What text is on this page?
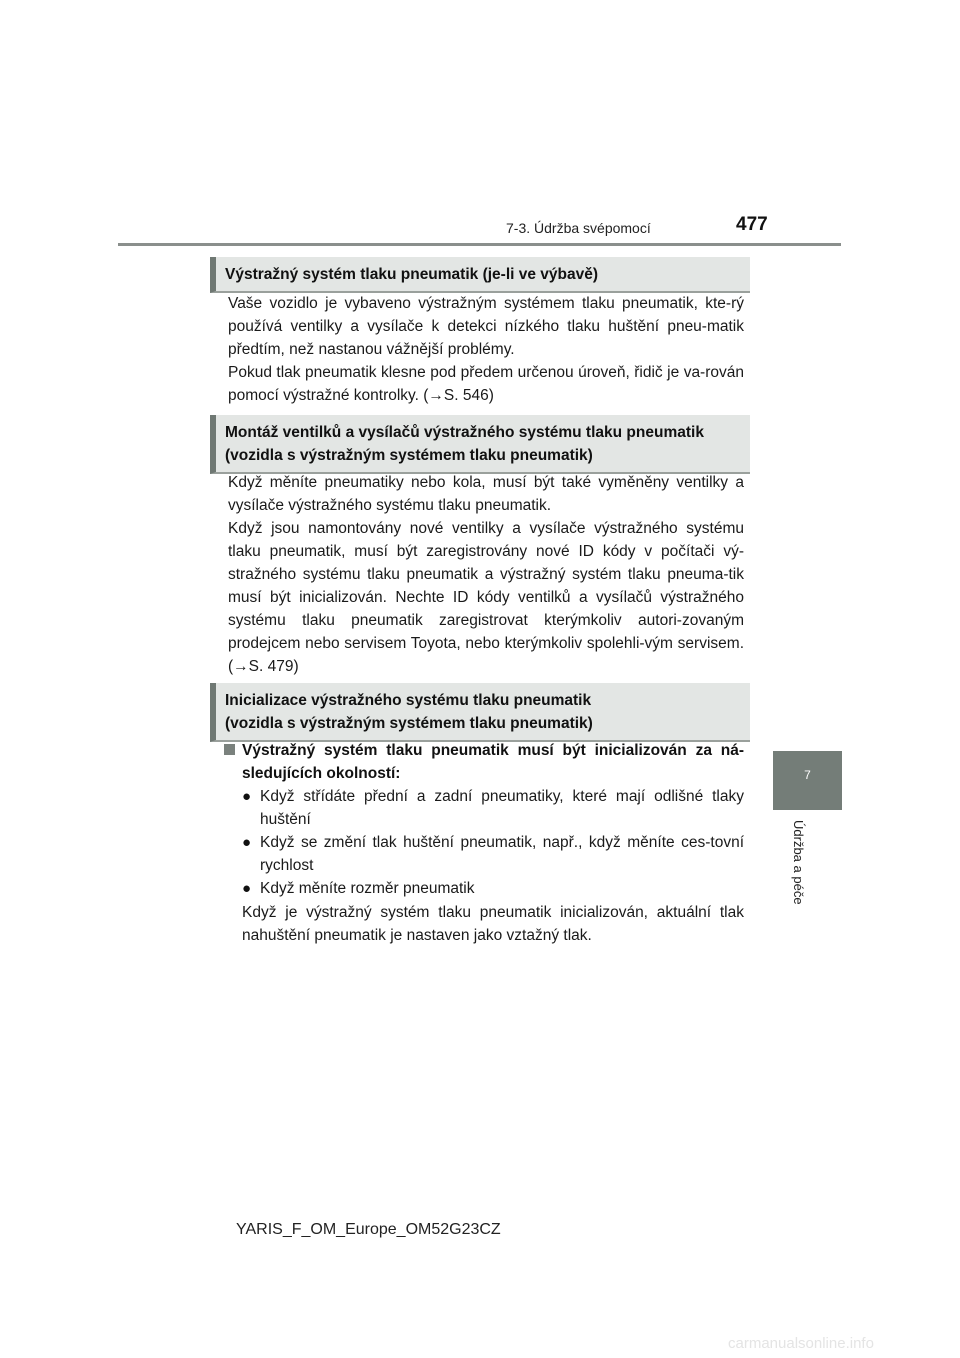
7-3. Údržba svépomocí	477
7
Údržba a péče
Výstražný systém tlaku pneumatik (je-li ve výbavě)

Vaše vozidlo je vybaveno výstražným systémem tlaku pneumatik, kte-rý používá ventilky a vysílače k detekci nízkého tlaku huštění pneu-matik předtím, než nastanou vážnější problémy.

Pokud tlak pneumatik klesne pod předem určenou úroveň, řidič je va-rován pomocí výstražné kontrolky. (→S. 546)

Montáž ventilků a vysílačů výstražného systému tlaku pneumatik
(vozidla s výstražným systémem tlaku pneumatik)

Když měníte pneumatiky nebo kola, musí být také vyměněny ventilky a vysílače výstražného systému tlaku pneumatik.

Když jsou namontovány nové ventilky a vysílače výstražného systému tlaku pneumatik, musí být zaregistrovány nové ID kódy v počítači vý-stražného systému tlaku pneumatik a výstražný systém tlaku pneuma-tik musí být inicializován. Nechte ID kódy ventilků a vysílačů výstražného systému tlaku pneumatik zaregistrovat kterýmkoliv autori-zovaným prodejcem nebo servisem Toyota, nebo kterýmkoliv spolehli-vým servisem. (→S. 479)

Inicializace výstražného systému tlaku pneumatik
(vozidla s výstražným systémem tlaku pneumatik)
Výstražný systém tlaku pneumatik musí být inicializován za ná-sledujících okolností:
● Když střídáte přední a zadní pneumatiky, které mají odlišné tlaky huštění
● Když se změní tlak huštění pneumatik, např., když měníte ces-tovní rychlost
● Když měníte rozměr pneumatik

Když je výstražný systém tlaku pneumatik inicializován, aktuální tlak nahuštění pneumatik je nastaven jako vztažný tlak.

YARIS_F_OM_Europe_OM52G23CZ
carmanualsonline.info
